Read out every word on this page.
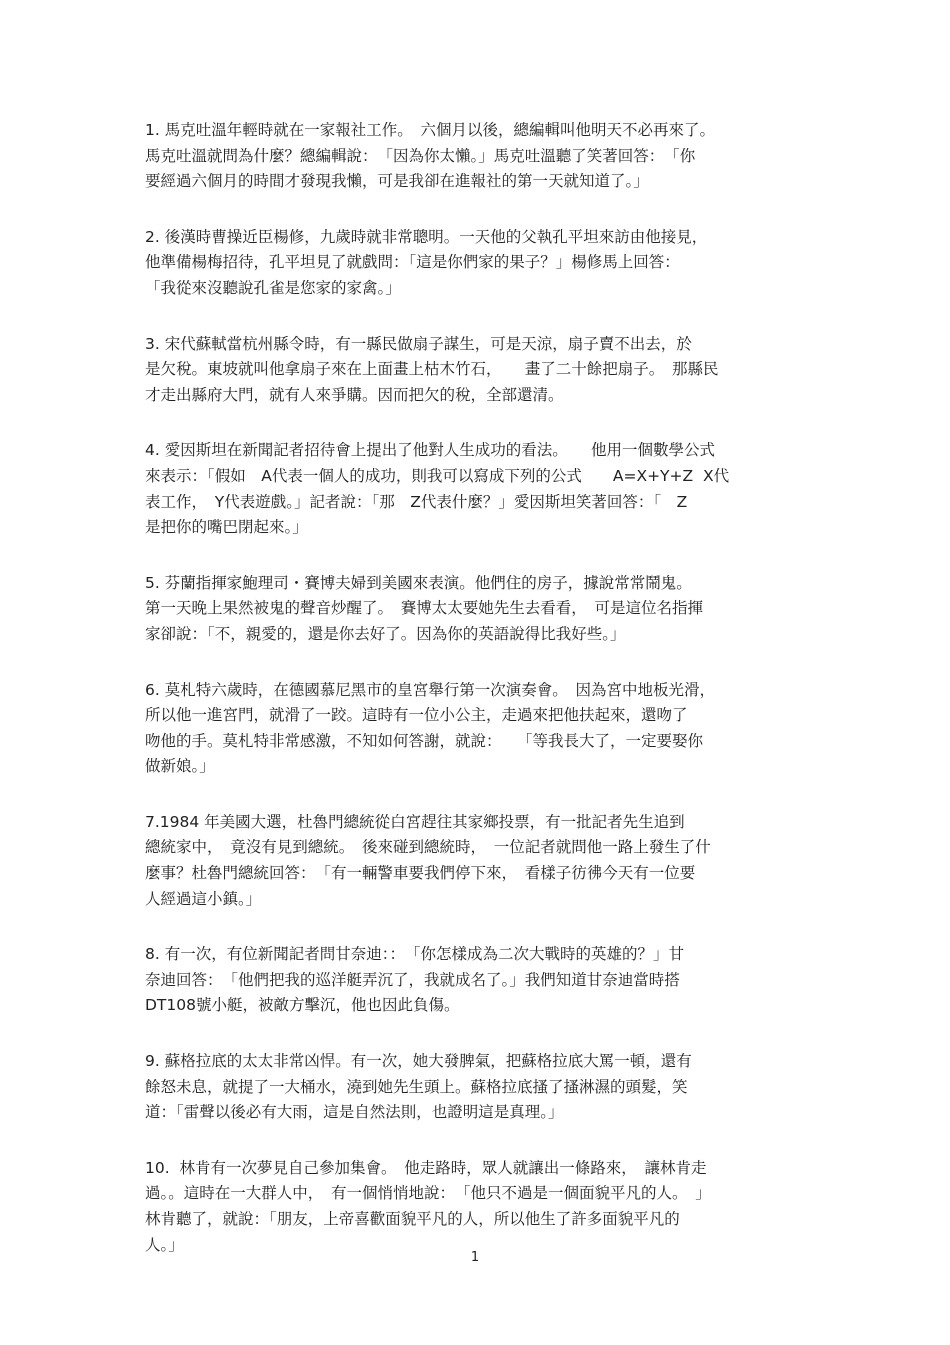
1. 馬克吐溫年輕時就在一家報社工作。　六個月以後，總編輯叫他明天不必再來了。
馬克吐溫就問為什麼？總編輯說：　「因為你太懶。」馬克吐溫聽了笑著回答：　「你
要經過六個月的時間才發現我懶，可是我卻在進報社的第一天就知道了。」

2. 後漢時曹操近臣楊修，九歲時就非常聰明。一天他的父執孔平坦來訪由他接見，
他準備楊梅招待，孔平坦見了就戲問：「這是你們家的果子？」楊修馬上回答：
「我從來沒聽說孔雀是您家的家禽。」

3. 宋代蘇軾當杭州縣令時，有一縣民做扇子謀生，可是天涼，扇子賣不出去，於
是欠稅。東坡就叫他拿扇子來在上面畫上枯木竹石，　　畫了二十餘把扇子。　那縣民
才走出縣府大門，就有人來爭購。因而把欠的稅，全部還清。

4. 愛因斯坦在新聞記者招待會上提出了他對人生成功的看法。　　他用一個數學公式
來表示：「假如　A代表一個人的成功，則我可以寫成下列的公式　　A=X+Y+Z  X代
表工作，　Y代表遊戲。」記者說：「那　Z代表什麼？」愛因斯坦笑著回答：「　Z
是把你的嘴巴閉起來。」

5. 芬蘭指揮家鮑理司・賽博夫婦到美國來表演。他們住的房子，據說常常鬧鬼。
第一天晚上果然被鬼的聲音炒醒了。　賽博太太要她先生去看看，　可是這位名指揮
家卻說：「不，親愛的，還是你去好了。因為你的英語說得比我好些。」

6. 莫札特六歲時，在德國慕尼黑市的皇宮舉行第一次演奏會。　因為宮中地板光滑，
所以他一進宮門，就滑了一跤。這時有一位小公主，走過來把他扶起來，還吻了
吻他的手。莫札特非常感激，不知如何答謝，就說：　　「等我長大了，一定要娶你
做新娘。」

7.1984 年美國大選，杜魯門總統從白宮趕往其家鄉投票，有一批記者先生追到
總統家中，　竟沒有見到總統。　後來碰到總統時，　一位記者就問他一路上發生了什
麼事？杜魯門總統回答：　「有一輛警車要我們停下來，　看樣子彷彿今天有一位要
人經過這小鎮。」

8. 有一次，有位新聞記者問甘奈迪：：　「你怎樣成為二次大戰時的英雄的？」甘
奈迪回答：　「他們把我的巡洋艇弄沉了，我就成名了。」我們知道甘奈迪當時搭
DT108號小艇，被敵方擊沉，他也因此負傷。

9. 蘇格拉底的太太非常凶悍。有一次，她大發脾氣，把蘇格拉底大罵一頓，還有
餘怒未息，就提了一大桶水，澆到她先生頭上。蘇格拉底搔了搔淋濕的頭髮，笑
道：「雷聲以後必有大雨，這是自然法則，也證明這是真理。」

10.  林肯有一次夢見自己參加集會。　他走路時，眾人就讓出一條路來，　讓林肯走
過。。這時在一大群人中，　有一個悄悄地說：　「他只不過是一個面貌平凡的人。　」
林肯聽了，就說：「朋友，上帝喜歡面貌平凡的人，所以他生了許多面貌平凡的
人。」

1
